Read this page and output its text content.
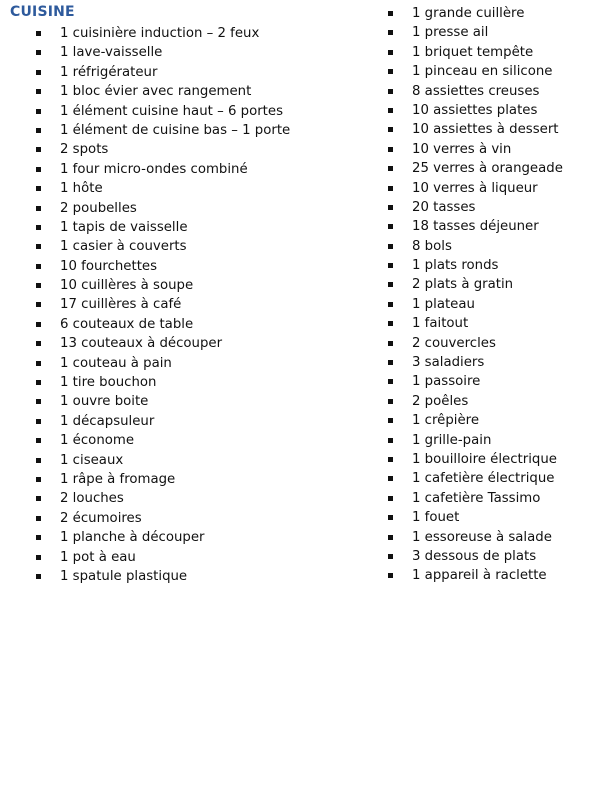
CUISINE
1 cuisinière induction – 2 feux
1 lave-vaisselle
1 réfrigérateur
1 bloc évier avec rangement
1 élément cuisine haut – 6 portes
1 élément de cuisine bas – 1 porte
2 spots
1 four micro-ondes combiné
1 hôte
2 poubelles
1 tapis de vaisselle
1 casier à couverts
10 fourchettes
10 cuillères à soupe
17 cuillères à café
6 couteaux de table
13 couteaux à découper
1 couteau à pain
1 tire bouchon
1 ouvre boite
1 décapsuleur
1 économe
1 ciseaux
1 râpe à fromage
2 louches
2 écumoires
1 planche à découper
1 pot à eau
1 spatule plastique
1 grande cuillère
1 presse ail
1 briquet tempête
1 pinceau en silicone
8 assiettes creuses
10 assiettes plates
10 assiettes à dessert
10 verres à vin
25 verres à orangeade
10 verres à liqueur
20 tasses
18 tasses déjeuner
8 bols
1 plats ronds
2 plats à gratin
1 plateau
1 faitout
2 couvercles
3 saladiers
1 passoire
2 poêles
1 crêpière
1 grille-pain
1 bouilloire électrique
1 cafetière électrique
1 cafetière Tassimo
1 fouet
1 essoreuse à salade
3 dessous de plats
1 appareil à raclette
